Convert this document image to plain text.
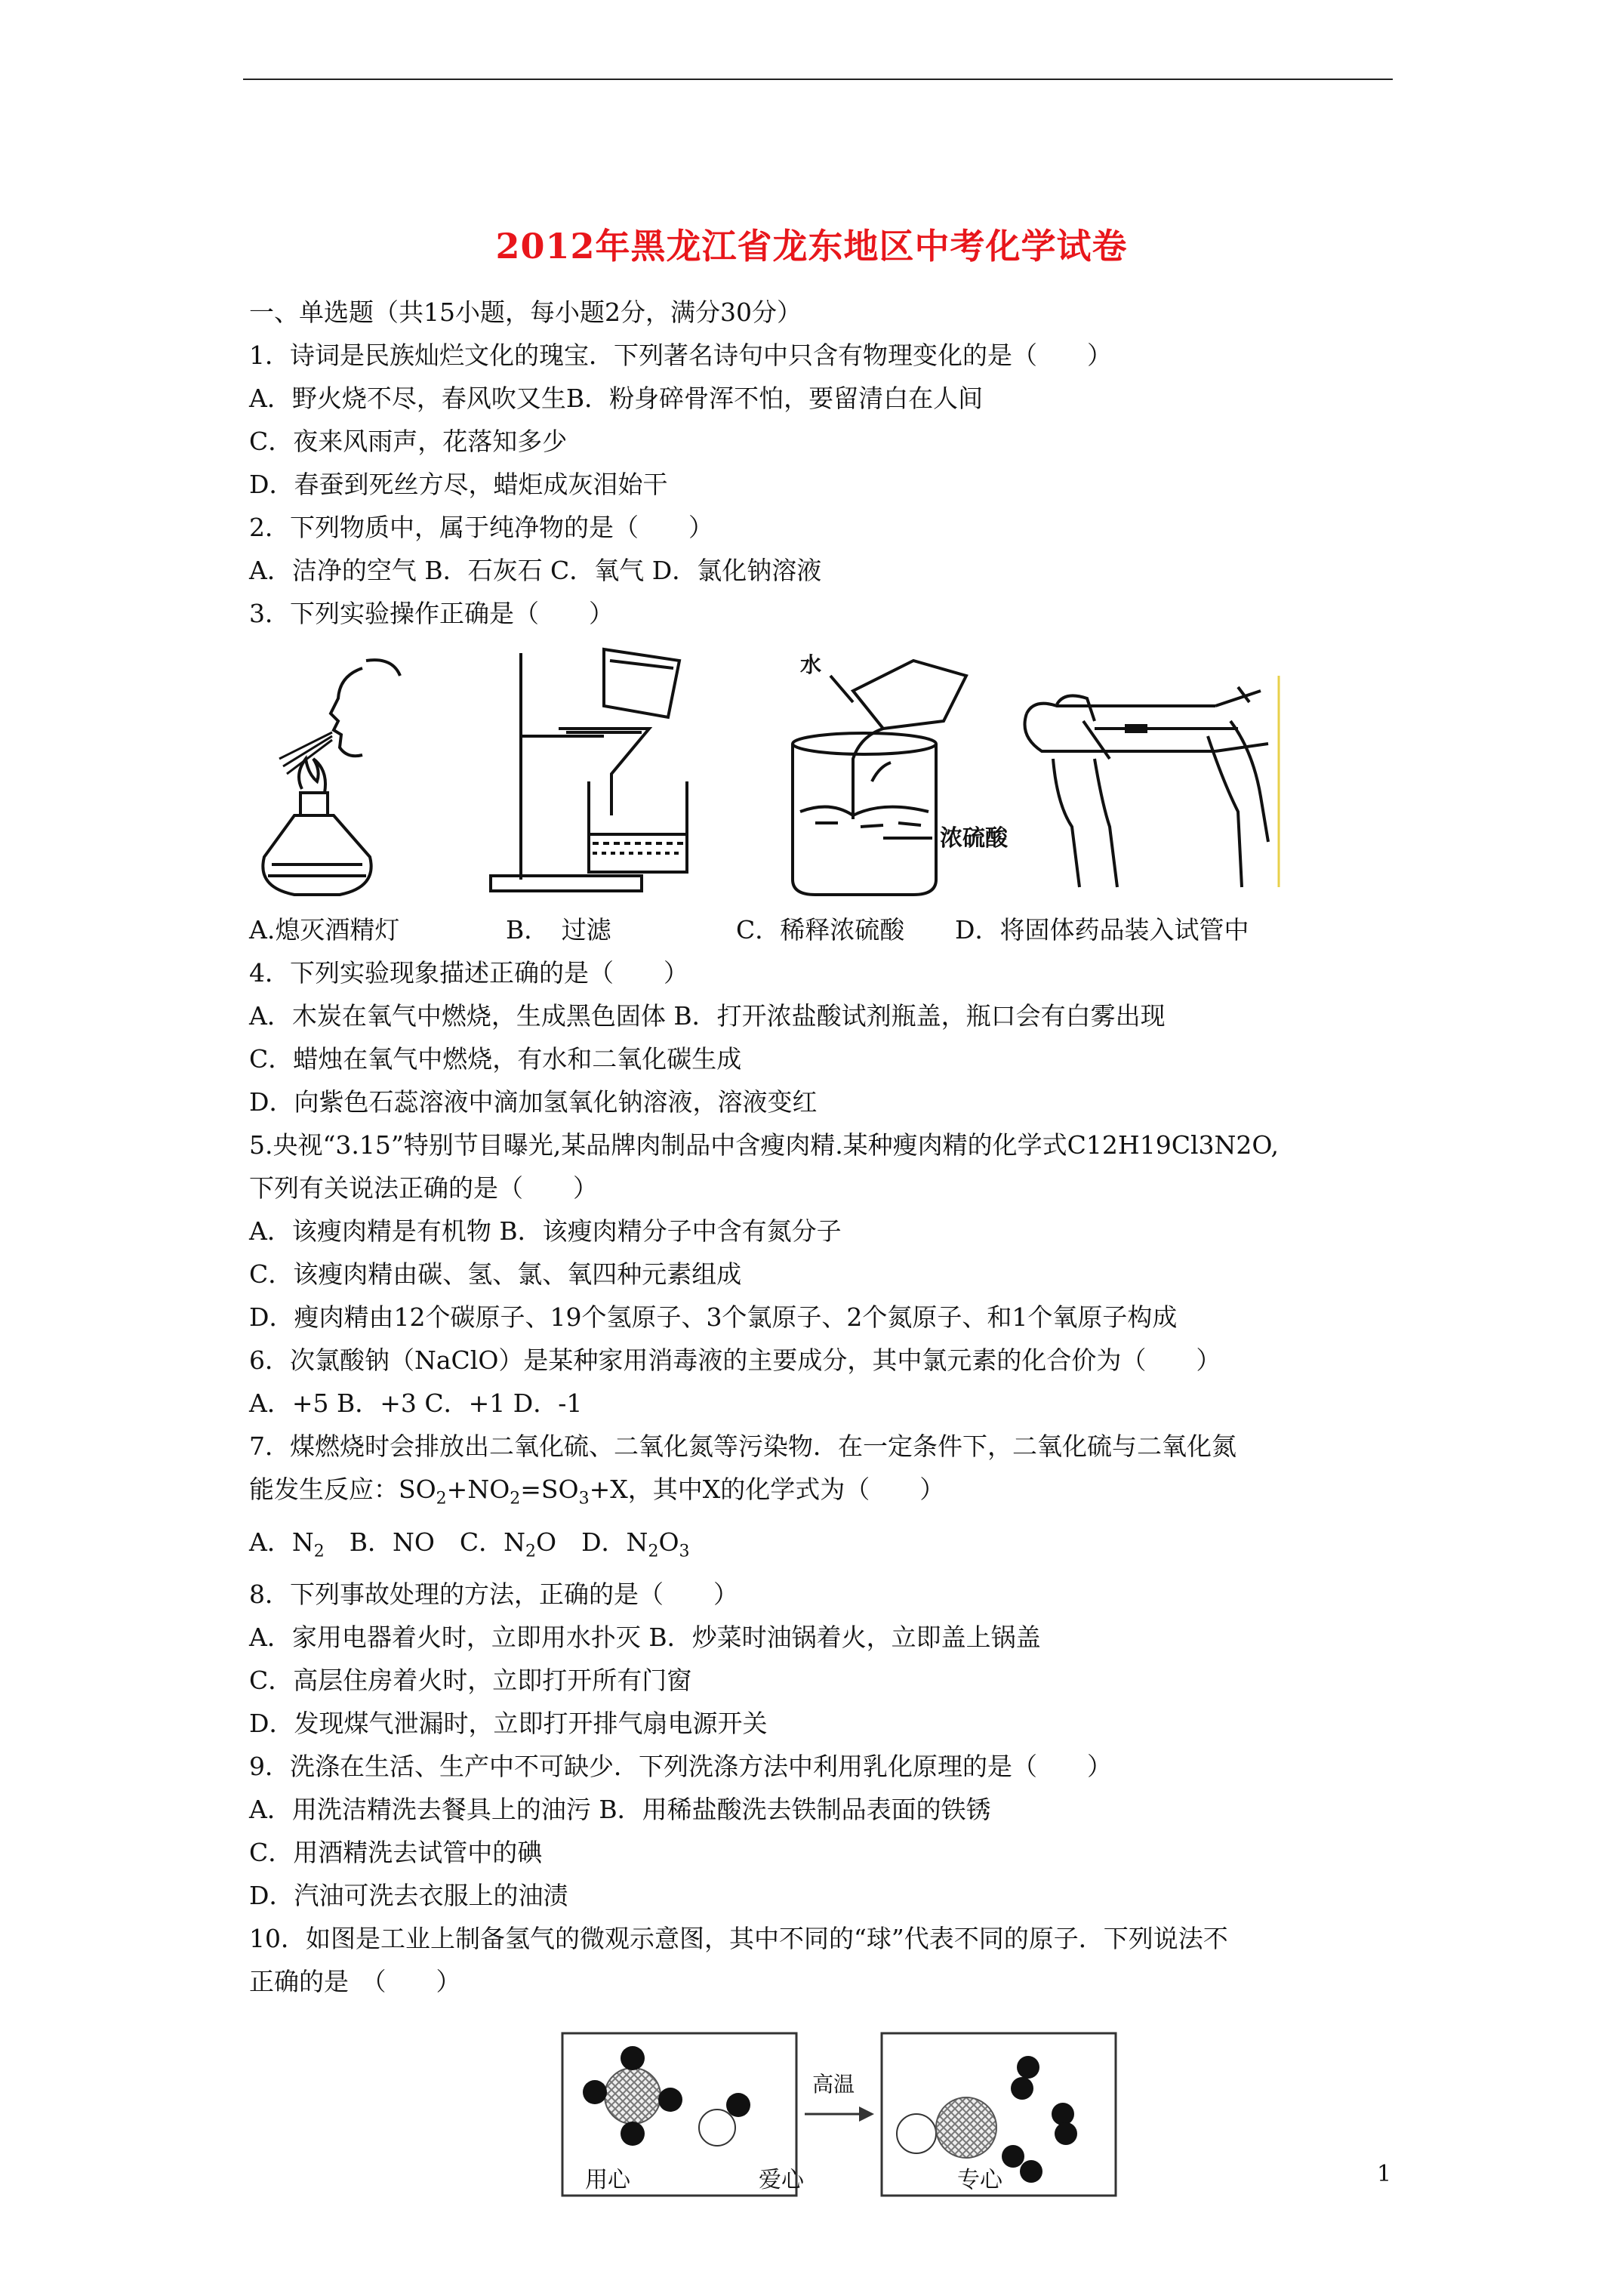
2012年黑龙江省龙东地区中考化学试卷
一、单选题（共15小题，每小题2分，满分30分）
1．诗词是民族灿烂文化的瑰宝．下列著名诗句中只含有物理变化的是（　　）
A．野火烧不尽，春风吹又生B．粉身碎骨浑不怕，要留清白在人间
C．夜来风雨声，花落知多少
D．春蚕到死丝方尽，蜡炬成灰泪始干
2．下列物质中，属于纯净物的是（　　）
A．洁净的空气 B．石灰石 C．氧气 D．氯化钠溶液
3．下列实验操作正确是（　　）
水
浓硫酸
A.熄灭酒精灯	B．　过滤	C．稀释浓硫酸 D．将固体药品装入试管中
4．下列实验现象描述正确的是（　　）
A．木炭在氧气中燃烧，生成黑色固体 B．打开浓盐酸试剂瓶盖，瓶口会有白雾出现
C．蜡烛在氧气中燃烧，有水和二氧化碳生成
D．向紫色石蕊溶液中滴加氢氧化钠溶液，溶液变红
5.央视“3.15”特别节目曝光,某品牌肉制品中含瘦肉精.某种瘦肉精的化学式C12H19Cl3N2O,
下列有关说法正确的是（　　）
A．该瘦肉精是有机物 B．该瘦肉精分子中含有氮分子
C．该瘦肉精由碳、氢、氯、氧四种元素组成
D．瘦肉精由12个碳原子、19个氢原子、3个氯原子、2个氮原子、和1个氧原子构成
6．次氯酸钠（NaClO）是某种家用消毒液的主要成分，其中氯元素的化合价为（　　）
A．+5 B．+3 C．+1 D．-1
7．煤燃烧时会排放出二氧化硫、二氧化氮等污染物．在一定条件下，二氧化硫与二氧化氮
能发生反应：$SO_2+NO_2=SO_3+X$，其中X的化学式为（　　）
A．$N_2$　B．NO　C．$N_2O$　D．$N_2O_3$
8．下列事故处理的方法，正确的是（　　）
A．家用电器着火时，立即用水扑灭 B．炒菜时油锅着火，立即盖上锅盖
C．高层住房着火时，立即打开所有门窗
D．发现煤气泄漏时，立即打开排气扇电源开关
9．洗涤在生活、生产中不可缺少．下列洗涤方法中利用乳化原理的是（　　）
A．用洗洁精洗去餐具上的油污 B．用稀盐酸洗去铁制品表面的铁锈
C．用酒精洗去试管中的碘
D．汽油可洗去衣服上的油渍
10．如图是工业上制备氢气的微观示意图，其中不同的“球”代表不同的原子．下列说法不
正确的是　（　　）
高温
用心	爱心	专心	1
